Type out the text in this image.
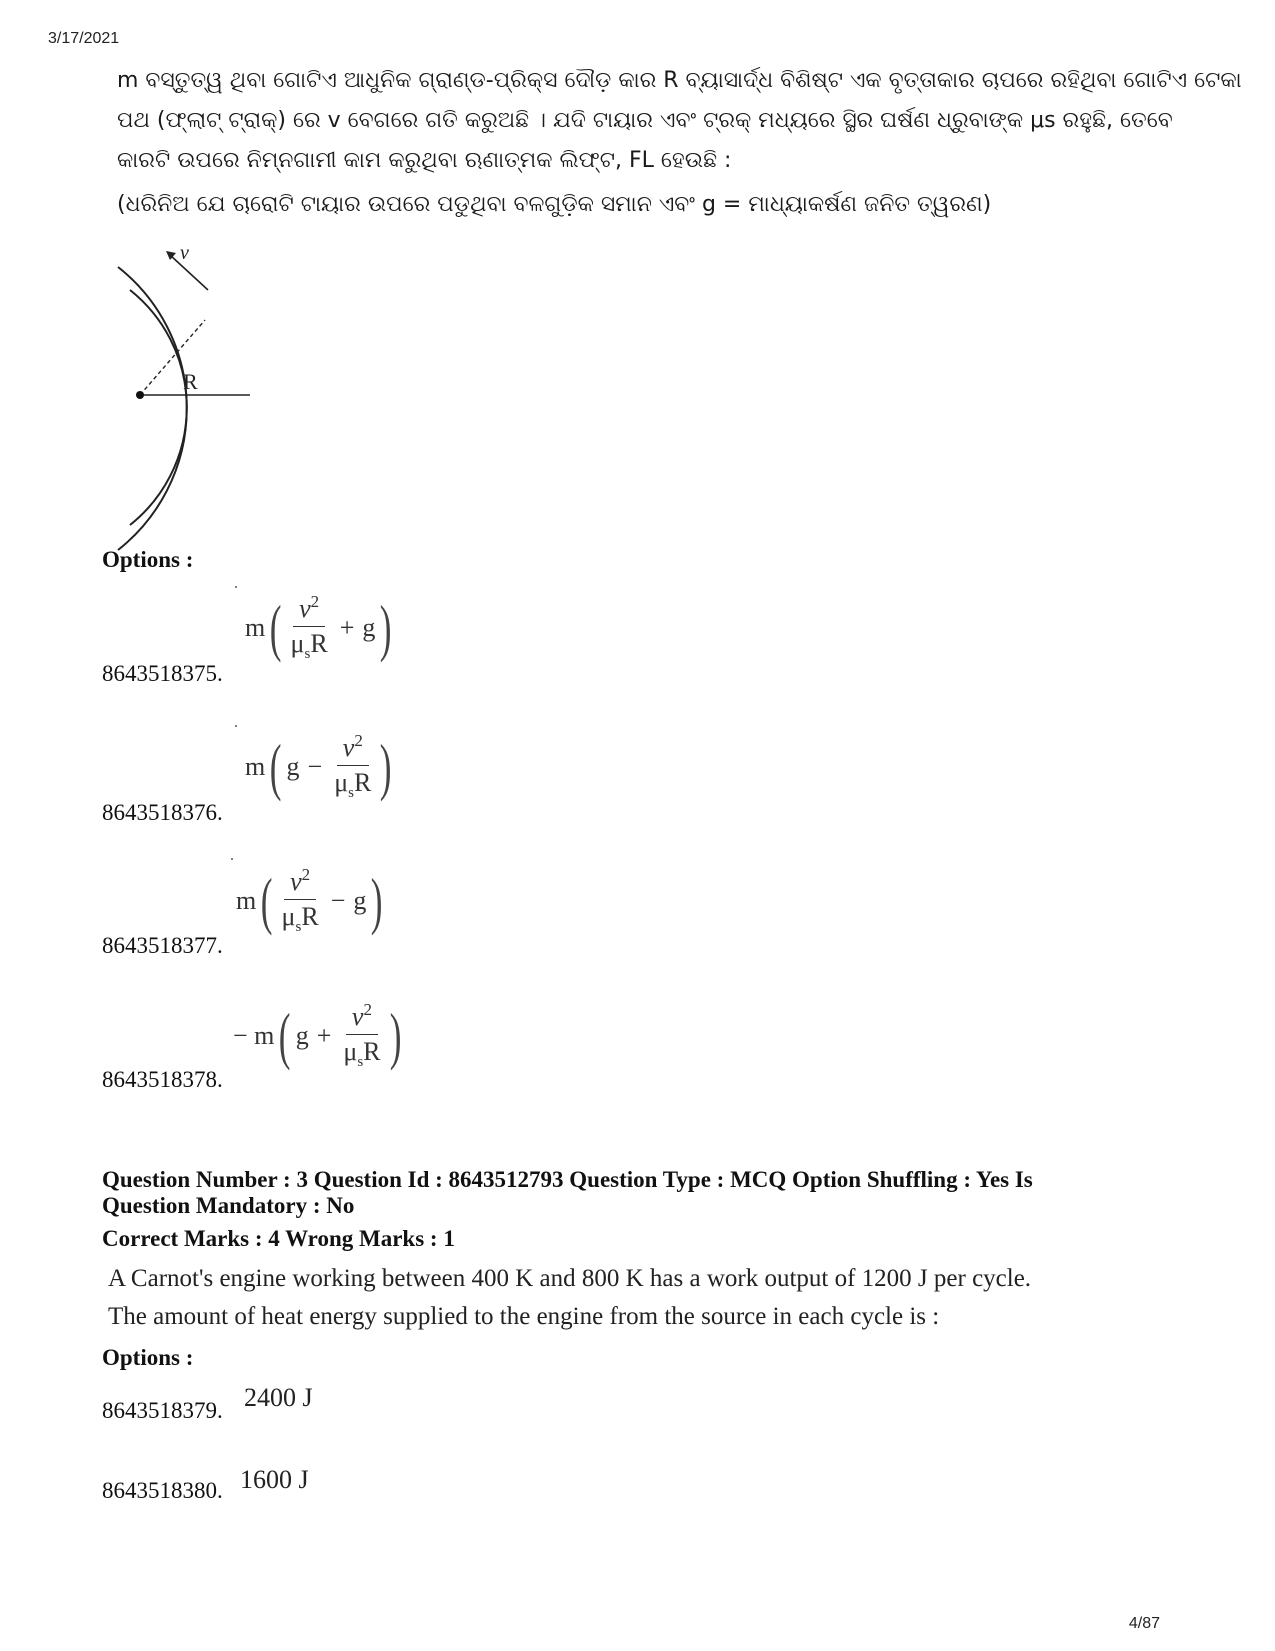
3/17/2021
4/87
m ବସ୍ତୁତ୍ୱ ଥିବା ଗୋଟିଏ ଆଧୁନିକ ଗ୍ରାଣ୍ଡ-ପ୍ରିକ୍ସ ଦୌଡ଼ କାର R ବ୍ୟାସାର୍ଦ୍ଧ ବିଶିଷ୍ଟ ଏକ ବୃତ୍ତାକାର ଚାପରେ ରହିଥିବା ଗୋଟିଏ ଟେକା
ପଥ (ଫ୍ଲାଟ୍ ଟ୍ରାକ୍) ରେ v ବେଗରେ ଗତି କରୁଅଛି । ଯଦି ଟାୟାର ଏବଂ ଟ୍ରକ୍ ମଧ୍ୟରେ ସ୍ଥିର ଘର୍ଷଣ ଧ୍ରୁବାଙ୍କ μs ରହୁଛି, ତେବେ
କାରଟି ଉପରେ ନିମ୍ନଗାମୀ କାମ କରୁଥିବା ଋଣାତ୍ମକ ଲିଫ୍ଟ, FL ହେଉଛି :
(ଧରିନିଅ ଯେ ଚାରୋଟି ଟାୟାର ଉପରେ ପଡୁଥିବା ବଳଗୁଡ଼ିକ ସମାନ ଏବଂ g = ମାଧ୍ୟାକର୍ଷଣ ଜନିତ ତ୍ୱରଣ)
v
R
Options :
m ( $\frac{v^2}{\mu_sR} + g$ )
8643518375.
m ( $g - \frac{v^2}{\mu_sR}$ )
8643518376.
m ( $\frac{v^2}{\mu_sR} - g$ )
8643518377.
− m ( $g + \frac{v^2}{\mu_sR}$ )
8643518378.
Question Number : 3 Question Id : 8643512793 Question Type : MCQ Option Shuffling : Yes Is
Question Mandatory : No
Correct Marks : 4 Wrong Marks : 1
A Carnot's engine working between 400 K and 800 K has a work output of 1200 J per cycle.
The amount of heat energy supplied to the engine from the source in each cycle is :
Options :
2400 J
8643518379.
1600 J
8643518380.
